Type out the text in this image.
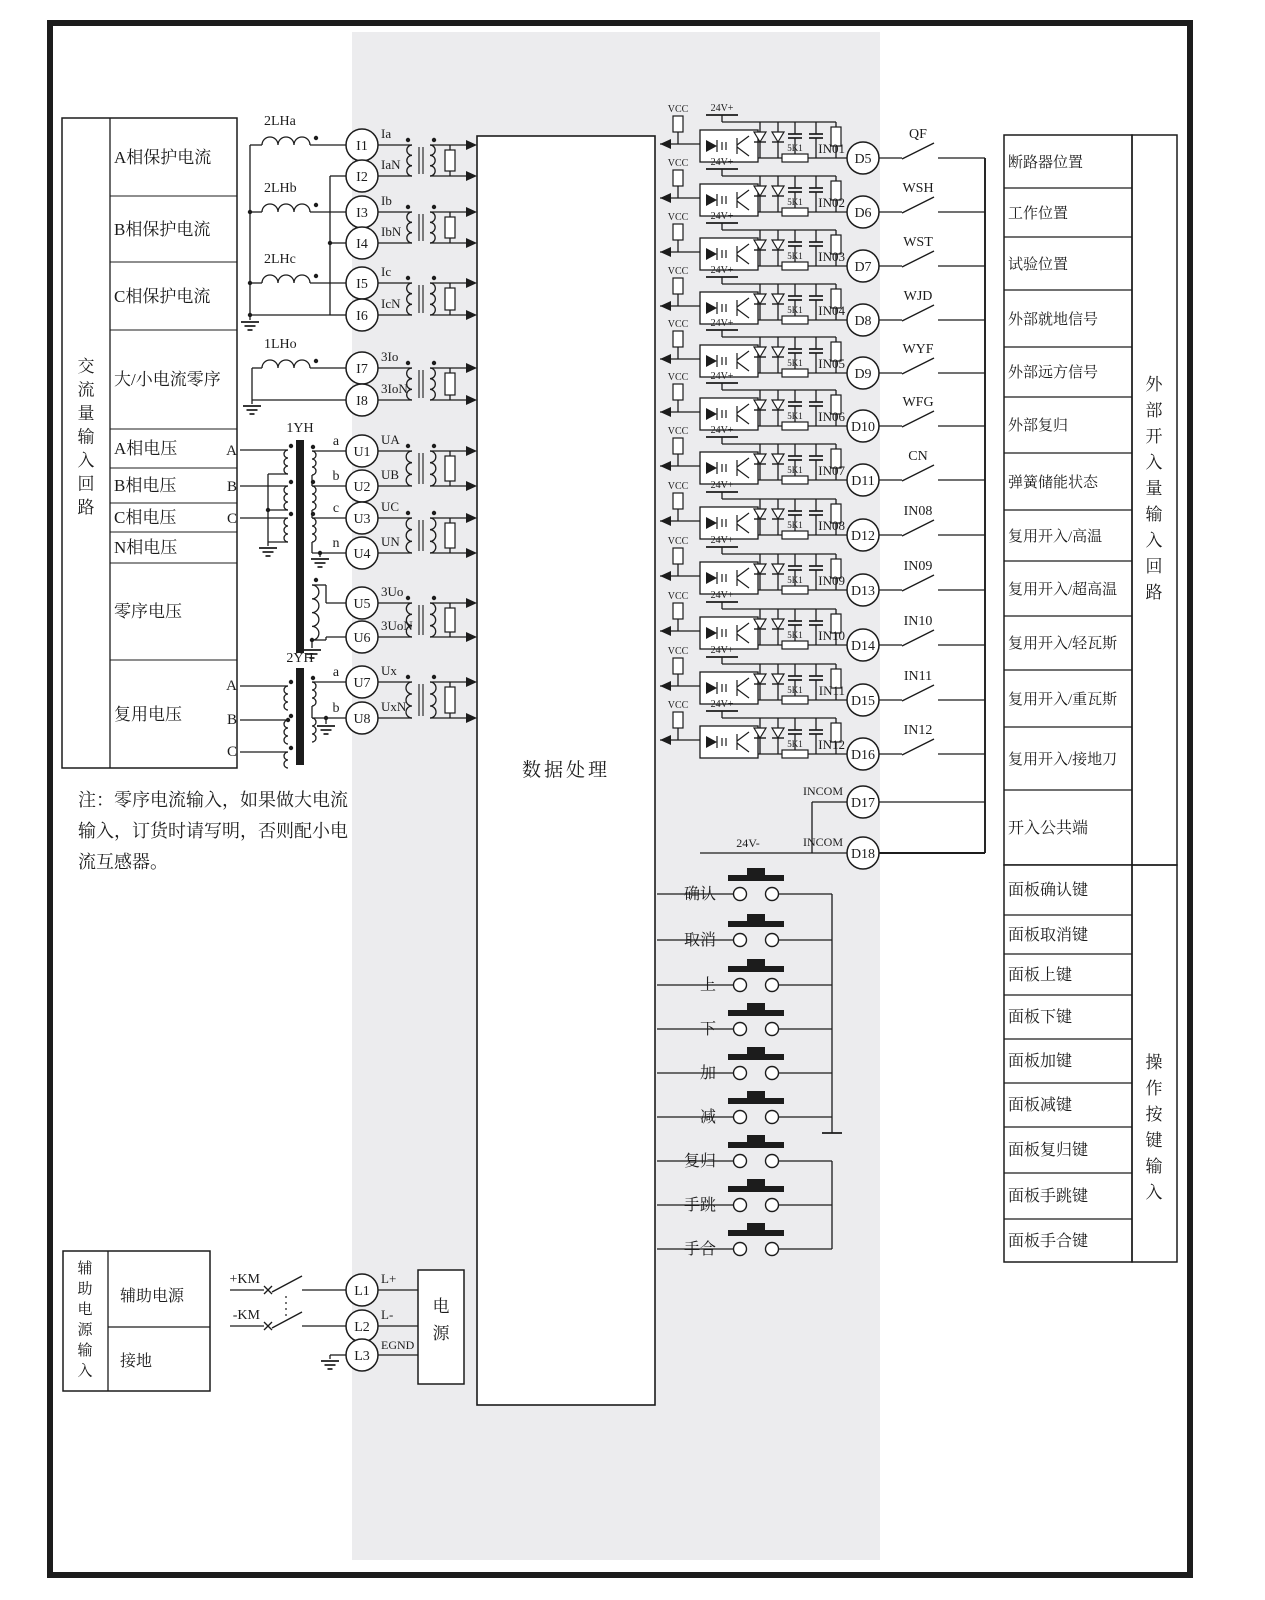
A相保护电流
B相保护电流
C相保护电流
大/小电流零序
A相电压
B相电压
C相电压
N相电压
零序电压
复用电压
交流量输入回路
数据处理
2LHa
I1
Ia
I2
IaN
2LHb
I3
Ib
I4
IbN
2LHc
I5
Ic
I6
IcN
1LHo
I7
3Io
I8
3IoN
1YH
A
B
C
a
U1
UA
b
U2
UB
c
U3
UC
n
U4
UN
U5
3Uo
U6
3UoN
2YH
A
B
C
a
b
U7
Ux
U8
UxN
VCC 24V+
5K1 IN01
D5
QF
VCC 24V+
5K1 IN02
D6
WSH
VCC 24V+
5K1 IN03
D7
WST
VCC 24V+
5K1 IN04
D8
WJD
VCC 24V+
5K1 IN05
D9
WYF
VCC 24V+
5K1 IN06
D10
WFG
VCC 24V+
5K1 IN07
D11
CN
VCC 24V+
5K1 IN08
D12
IN08
VCC 24V+
5K1 IN09
D13
IN09
VCC 24V+
5K1 IN10
D14
IN10
VCC 24V+
5K1 IN11
D15
IN11
VCC 24V+
5K1 IN12
D16
IN12
INCOM
INCOM
24V-
D17
D18
断路器位置
工作位置
试验位置
外部就地信号
外部远方信号
外部复归
弹簧储能状态
复用开入/高温
复用开入/超高温
复用开入/轻瓦斯
复用开入/重瓦斯
复用开入/接地刀
开入公共端
外部开入量输入回路
面板确认键
面板取消键
面板上键
面板下键
面板加键
面板减键
面板复归键
面板手跳键
面板手合键
操作按键输入
确认
取消
上
下
加
减
复归
手跳
手合
注：零序电流输入，如果做大电流
输入，订货时请写明，否则配小电
流互感器。
辅助电源
接地
辅助电源输入
+KM
-KM
L1
L+
L2
L-
L3
EGND
电源
